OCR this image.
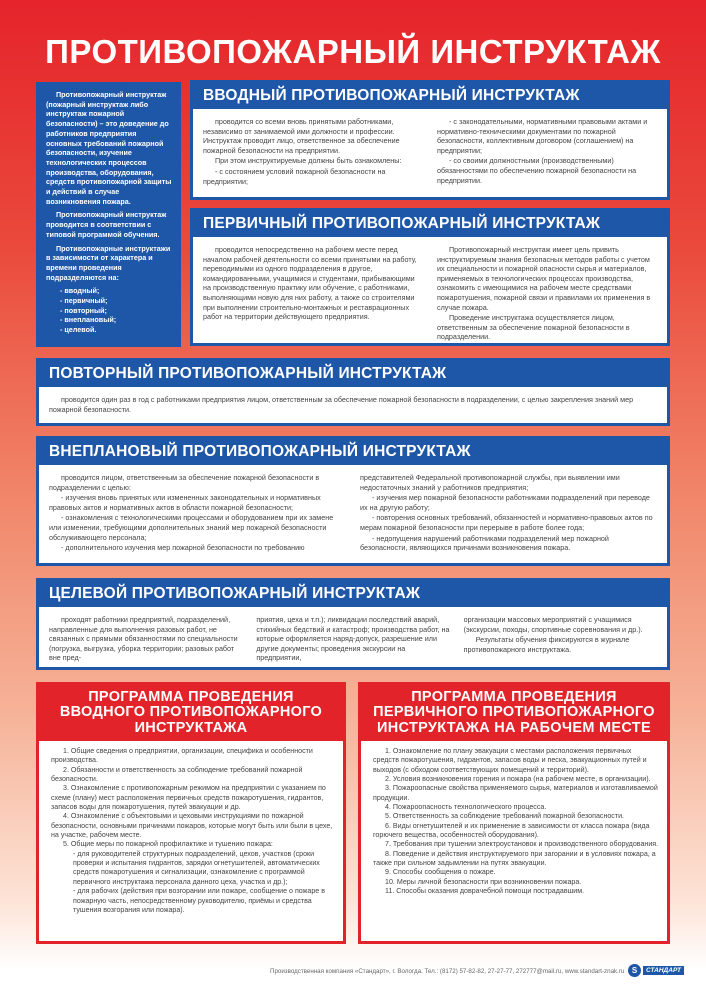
ПРОТИВОПОЖАРНЫЙ ИНСТРУКТАЖ

Противопожарный инструктаж (пожарный инструктаж либо инструктаж пожарной безопасности) – это доведение до работников предприятия основных требований пожарной безопасности, изучение технологических процессов производства, оборудования, средств противопожарной защиты и действий в случае возникновения пожара.

Противопожарный инструктаж проводится в соответствии с типовой программой обучения.

Противопожарные инструктажи в зависимости от характера и времени проведения подразделяются на:

- вводный;
- первичный;
- повторный;
- внеплановый;
- целевой.
ВВОДНЫЙ ПРОТИВОПОЖАРНЫЙ ИНСТРУКТАЖ

проводится со всеми вновь принятыми работниками, независимо от занимаемой ими должности и профессии. Инструктаж проводит лицо, ответственное за обеспечение пожарной безопасности на предприятии.

При этом инструктируемые должны быть ознакомлены:

- с состоянием условий пожарной безопасности на предприятии;

- с законодательными, нормативными правовыми актами и нормативно-техническими документами по пожарной безопасности, коллективным договором (соглашением) на предприятии;

- со своими должностными (производственными) обязанностями по обеспечению пожарной безопасности на предприятии.

ПЕРВИЧНЫЙ ПРОТИВОПОЖАРНЫЙ ИНСТРУКТАЖ

проводится непосредственно на рабочем месте перед началом рабочей деятельности со всеми принятыми на работу, переводимыми из одного подразделения в другое, командированными, учащимися и студентами, прибывающими на производственную практику или обучение, с работниками, выполняющими новую для них работу, а также со строителями при выполнении строительно-монтажных и реставрационных работ на территории действующего предприятия.

Противопожарный инструктаж имеет цель привить инструктируемым знания безопасных методов работы с учетом их специальности и пожарной опасности сырья и материалов, применяемых в технологических процессах производства, ознакомить с имеющимися на рабочем месте средствами пожаротушения, пожарной связи и правилами их применения в случае пожара.

Проведение инструктажа осуществляется лицом, ответственным за обеспечение пожарной безопасности в подразделении.

ПОВТОРНЫЙ ПРОТИВОПОЖАРНЫЙ ИНСТРУКТАЖ

проводится один раз в год с работниками предприятия лицом, ответственным за обеспечение пожарной безопасности в подразделении, с целью закрепления знаний мер пожарной безопасности.

ВНЕПЛАНОВЫЙ ПРОТИВОПОЖАРНЫЙ ИНСТРУКТАЖ

проводится лицом, ответственным за обеспечение пожарной безопасности в подразделении с целью:

- изучения вновь принятых или измененных законодательных и нормативных правовых актов и нормативных актов в области пожарной безопасности;

- ознакомления с технологическими процессами и оборудованием при их замене или изменении, требующими дополнительных знаний мер пожарной безопасности обслуживающего персонала;

- дополнительного изучения мер пожарной безопасности по требованию

представителей Федеральной противопожарной службы, при выявлении ими недостаточных знаний у работников предприятия;

- изучения мер пожарной безопасности работниками подразделений при переводе их на другую работу;

- повторения основных требований, обязанностей и нормативно-правовых актов по мерам пожарной безопасности при перерыве в работе более года;

- недопущения нарушений работниками подразделений мер пожарной безопасности, являющихся причинами возникновения пожара.

ЦЕЛЕВОЙ ПРОТИВОПОЖАРНЫЙ ИНСТРУКТАЖ

проходят работники предприятий, подразделений, направленные для выполнения разовых работ, не связанных с прямыми обязанностями по специальности (погрузка, выгрузка, уборка территории; разовых работ вне пред-

приятия, цеха и т.п.); ликвидации последствий аварий, стихийных бедствий и катастроф; производства работ, на которые оформляется наряд-допуск, разрешение или другие документы; проведения экскурсии на предприятии,

организации массовых мероприятий с учащимися (экскурсии, походы, спортивные соревнования и др.).

Результаты обучения фиксируются в журнале противопожарного инструктажа.

ПРОГРАММА ПРОВЕДЕНИЯ ВВОДНОГО ПРОТИВОПОЖАРНОГО ИНСТРУКТАЖА

1. Общие сведения о предприятии, организации, специфика и особенности производства.

2. Обязанности и ответственность за соблюдение требований пожарной безопасности.

3. Ознакомление с противопожарным режимом на предприятии с указанием по схеме (плану) мест расположения первичных средств пожаротушения, гидрантов, запасов воды для пожаротушения, путей эвакуации и др.

4. Ознакомление с объектовыми и цеховыми инструкциями по пожарной безопасности, основными причинами пожаров, которые могут быть или были в цехе, на участке, рабочем месте.

5. Общие меры по пожарной профилактике и тушению пожара:

- для руководителей структурных подразделений, цехов, участков (сроки проверки и испытания гидрантов, зарядки огнетушителей, автоматических средств пожаротушения и сигнализации, ознакомление с программой первичного инструктажа персонала данного цеха, участка и др.);

- для рабочих (действия при возгорании или пожаре, сообщение о пожаре в пожарную часть, непосредственному руководителю, приёмы и средства тушения возгорания или пожара).

ПРОГРАММА ПРОВЕДЕНИЯ ПЕРВИЧНОГО ПРОТИВОПОЖАРНОГО ИНСТРУКТАЖА НА РАБОЧЕМ МЕСТЕ

1. Ознакомление по плану эвакуации с местами расположения первичных средств пожаротушения, гидрантов, запасов воды и песка, эвакуационных путей и выходов (с обходом соответствующих помещений и территорий).

2. Условия возникновения горения и пожара (на рабочем месте, в организации).

3. Пожароопасные свойства применяемого сырья, материалов и изготавливаемой продукции.

4. Пожароопасность технологического процесса.

5. Ответственность за соблюдение требований пожарной безопасности.

6. Виды огнетушителей и их применение в зависимости от класса пожара (вида горючего вещества, особенностей оборудования).

7. Требования при тушении электроустановок и производственного оборудования.

8. Поведение и действия инструктируемого при загорании и в условиях пожара, а также при сильном задымлении на путях эвакуации.

9. Способы сообщения о пожаре.

10. Меры личной безопасности при возникновении пожара.

11. Способы оказания доврачебной помощи пострадавшим.

Производственная компания «Стандарт», г. Вологда. Тел.: (8172) 57-82-82, 27-27-77, 272777@mail.ru, www.standart-znak.ru S	СТАНДАРТ
